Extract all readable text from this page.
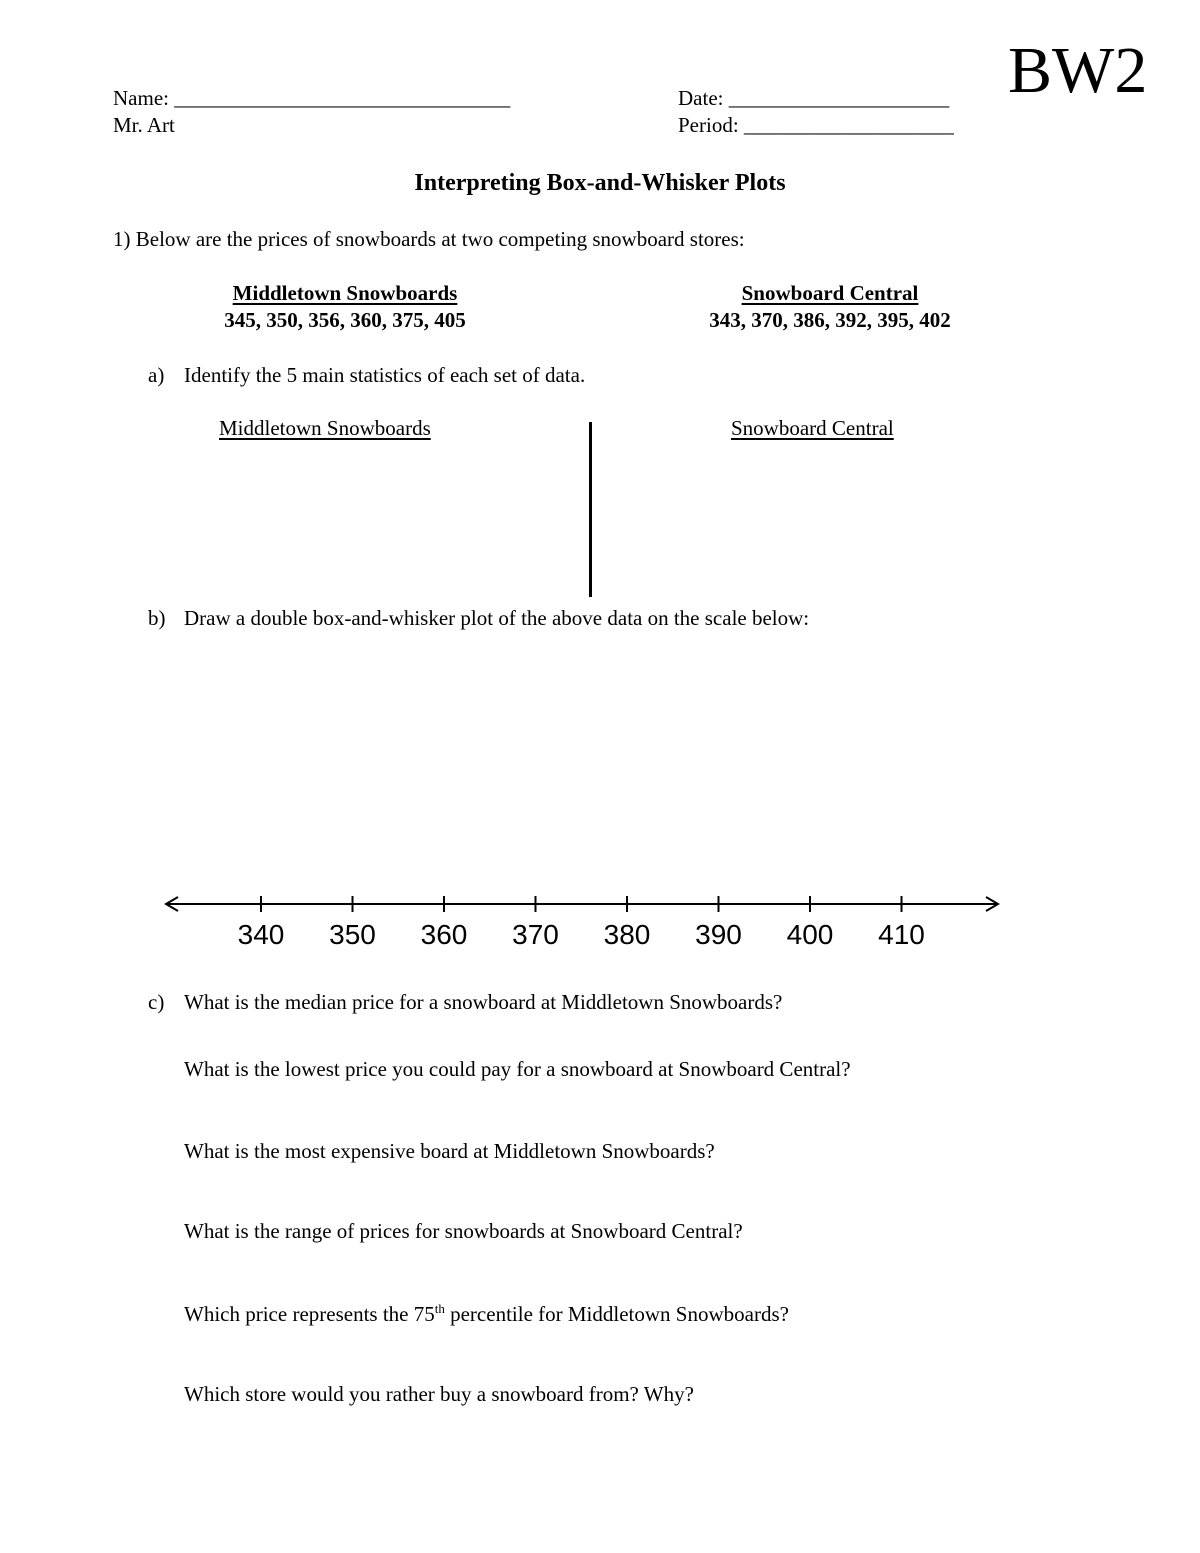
Name: ________________________________
Mr. Art
Date: _____________________
Period: ____________________
BW2
Interpreting Box-and-Whisker Plots
1) Below are the prices of snowboards at two competing snowboard stores:
Middletown Snowboards
345, 350, 356, 360, 375, 405
Snowboard Central
343, 370, 386, 392, 395, 402
a) Identify the 5 main statistics of each set of data.
Middletown Snowboards	Snowboard Central
b) Draw a double box-and-whisker plot of the above data on the scale below:
340 350 360 370 380 390 400 410
c) What is the median price for a snowboard at Middletown Snowboards?
What is the lowest price you could pay for a snowboard at Snowboard Central?
What is the most expensive board at Middletown Snowboards?
What is the range of prices for snowboards at Snowboard Central?
Which price represents the 75th percentile for Middletown Snowboards?
Which store would you rather buy a snowboard from? Why?
